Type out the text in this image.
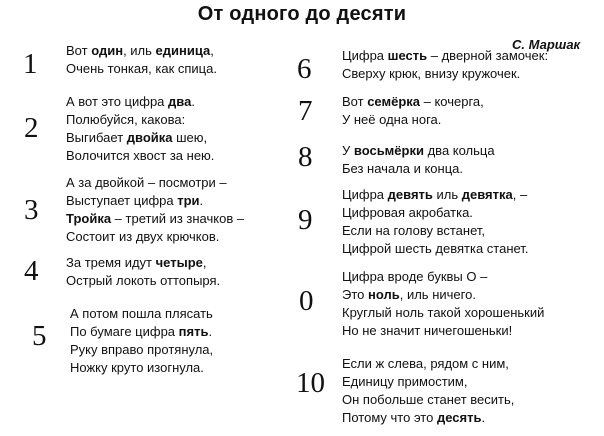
От одного до десяти
С. Маршак
1 Вот один, иль единица,
Очень тонкая, как спица.
2
А вот это цифра два.
Полюбуйся, какова:
Выгибает двойка шею,
Волочится хвост за нею.
3
А за двойкой – посмотри –
Выступает цифра три.
Тройка – третий из значков –
Состоит из двух крючков.
4 За тремя идут четыре,
Острый локоть оттопыря.
5
А потом пошла плясать
По бумаге цифра пять.
Руку вправо протянула,
Ножку круто изогнула.
6 Цифра шесть – дверной замочек:
Сверху крюк, внизу кружочек.
7 Вот семёрка – кочерга,
У неё одна нога.
8 У восьмёрки два кольца
Без начала и конца.
9
Цифра девять иль девятка, –
Цифровая акробатка.
Если на голову встанет,
Цифрой шесть девятка станет.
0
Цифра вроде буквы О –
Это ноль, иль ничего.
Круглый ноль такой хорошенький
Но не значит ничегошеньки!
10
Если ж слева, рядом с ним,
Единицу примостим,
Он побольше станет весить,
Потому что это десять.
